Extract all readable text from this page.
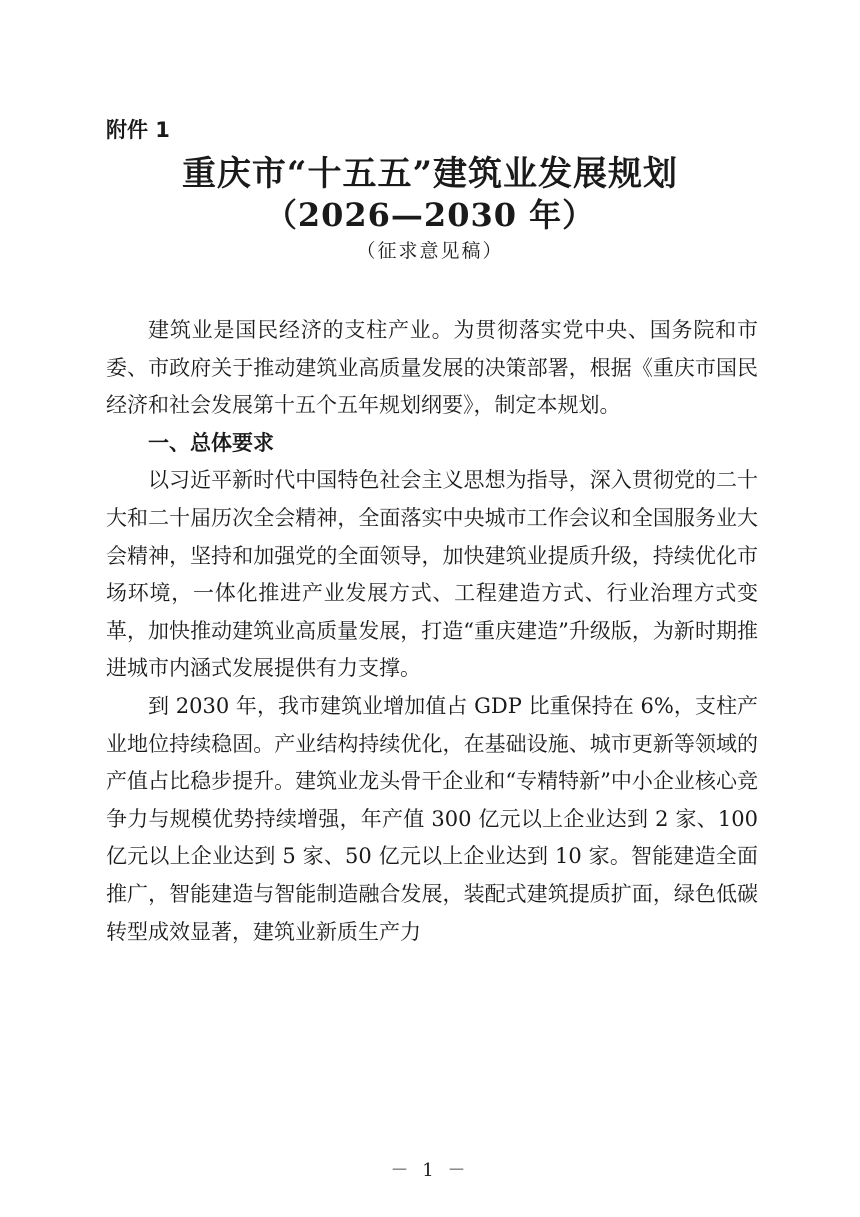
附件 1
重庆市“十五五”建筑业发展规划
（2026—2030 年）
（征求意见稿）

建筑业是国民经济的支柱产业。为贯彻落实党中央、国务院和市委、市政府关于推动建筑业高质量发展的决策部署，根据《重庆市国民经济和社会发展第十五个五年规划纲要》，制定本规划。

一、总体要求

以习近平新时代中国特色社会主义思想为指导，深入贯彻党的二十大和二十届历次全会精神，全面落实中央城市工作会议和全国服务业大会精神，坚持和加强党的全面领导，加快建筑业提质升级，持续优化市场环境，一体化推进产业发展方式、工程建造方式、行业治理方式变革，加快推动建筑业高质量发展，打造“重庆建造”升级版，为新时期推进城市内涵式发展提供有力支撑。

到 2030 年，我市建筑业增加值占 GDP 比重保持在 6%，支柱产业地位持续稳固。产业结构持续优化，在基础设施、城市更新等领域的产值占比稳步提升。建筑业龙头骨干企业和“专精特新”中小企业核心竞争力与规模优势持续增强，年产值 300 亿元以上企业达到 2 家、100 亿元以上企业达到 5 家、50 亿元以上企业达到 10 家。智能建造全面推广，智能建造与智能制造融合发展，装配式建筑提质扩面，绿色低碳转型成效显著，建筑业新质生产力

－ 1 －
